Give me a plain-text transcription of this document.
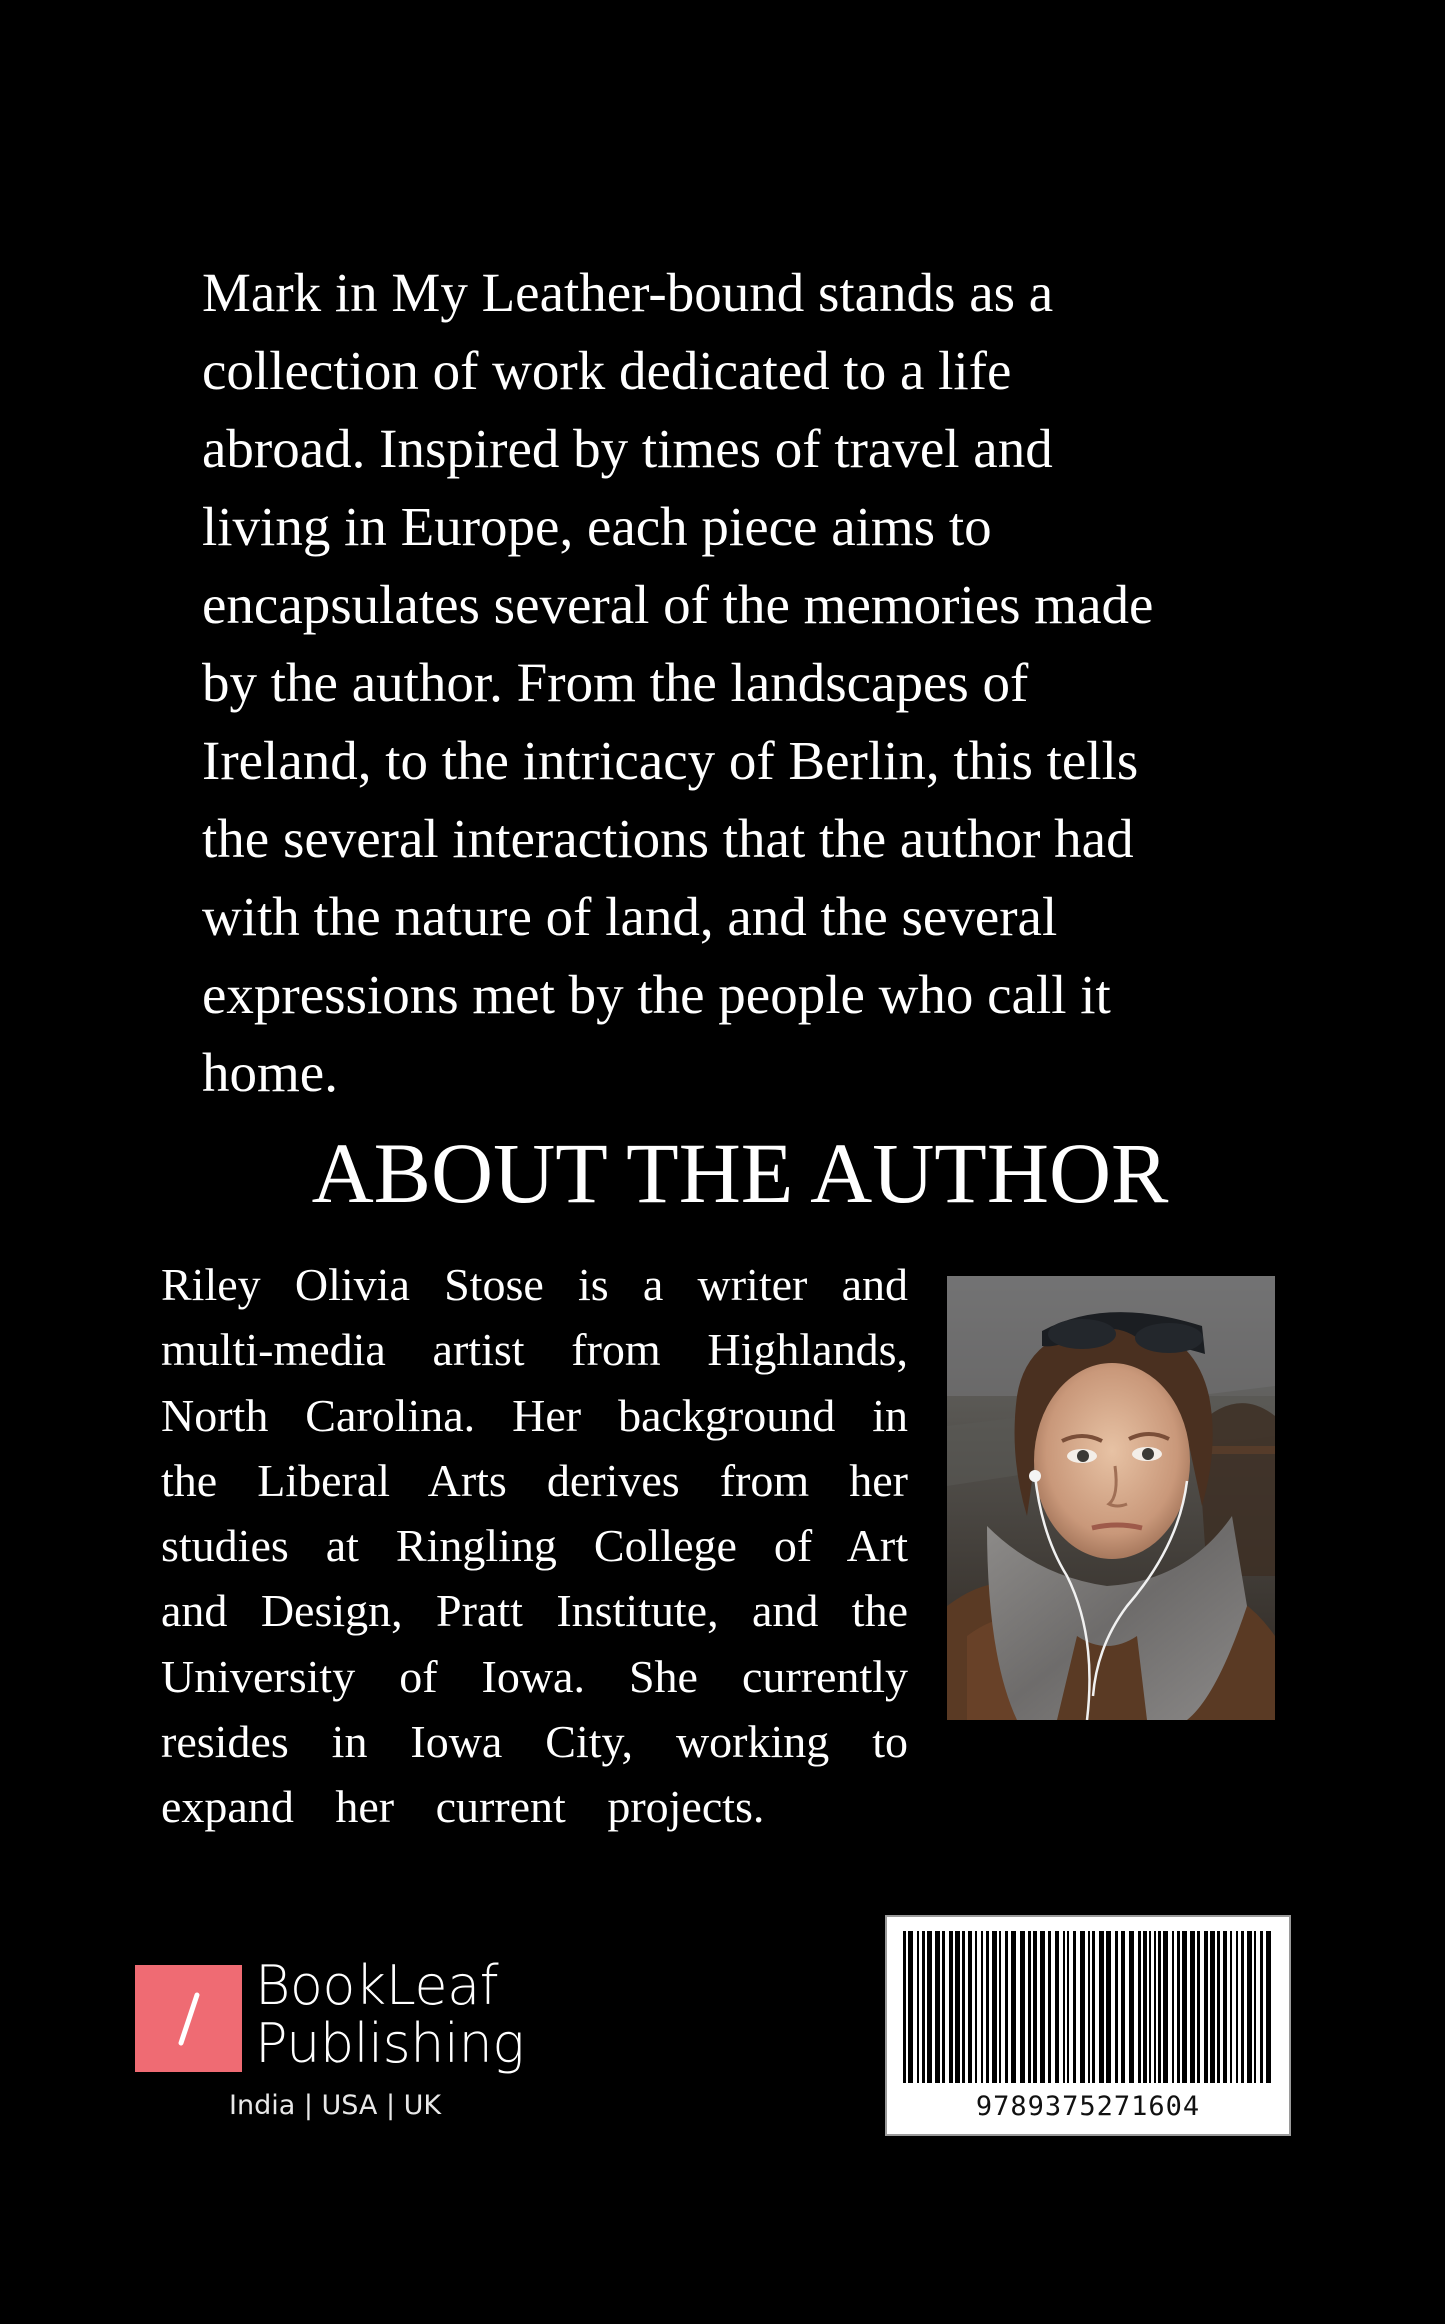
Mark in My Leather-bound stands as a
collection of work dedicated to a life
abroad. Inspired by times of travel and
living in Europe, each piece aims to
encapsulates several of the memories made
by the author. From the landscapes of
Ireland, to the intricacy of Berlin, this tells
the several interactions that the author had
with the nature of land, and the several
expressions met by the people who call it
home.

ABOUT THE AUTHOR
Riley Olivia Stose is a writer and
multi-media artist from Highlands,
North Carolina. Her background in
the Liberal Arts derives from her
studies at Ringling College of Art
and Design, Pratt Institute, and the
University of Iowa. She currently
resides in Iowa City, working to
expand her current projects.
BookLeaf
Publishing
India | USA | UK	9789375271604
